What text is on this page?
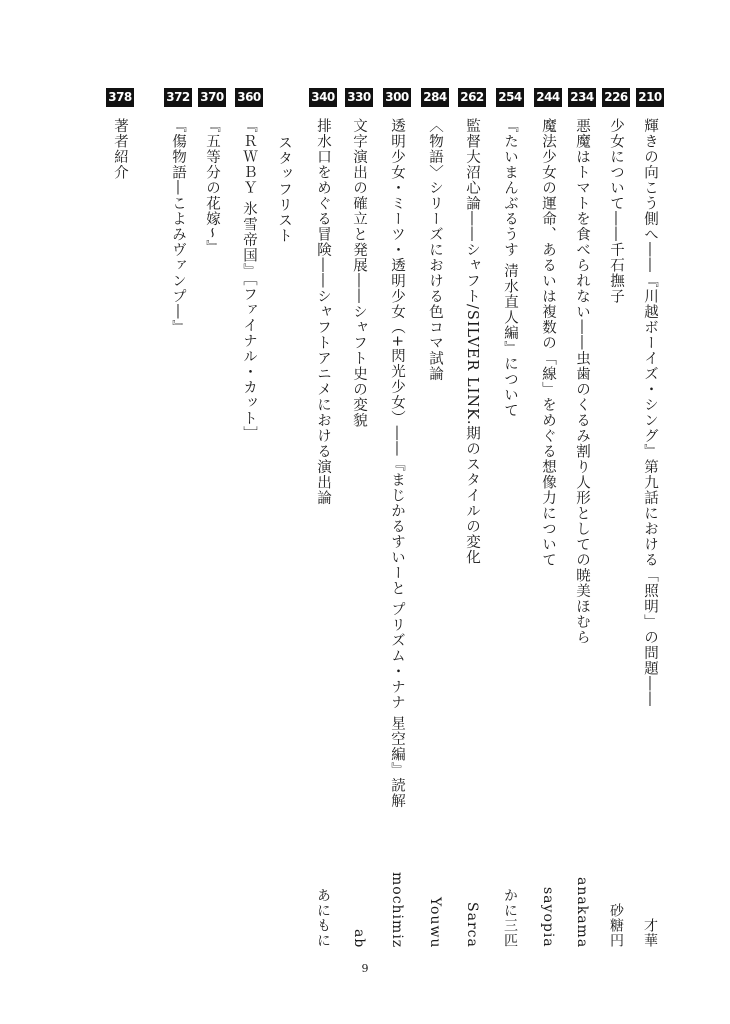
210
輝きの向こう側へ――『川越ボーイズ・シング』第九話における「照明」の問題――
才華
226
少女について――千石撫子
砂糖円
234
悪魔はトマトを食べられない――虫歯のくるみ割り人形としての暁美ほむら
anakama
244
魔法少女の運命、あるいは複数の「線」をめぐる想像力について
sayopia
254
『たいまんぶるうす 清水直人編』について
かに三匹
262
監督大沼心論――シャフト/SILVER LINK.期のスタイルの変化
Sarca
284
〈物語〉シリーズにおける色コマ試論
Youwu
300
透明少女・ミーツ・透明少女（+閃光少女）――『まじかるすいーと プリズム・ナナ 星空編』読解
mochimiz
330
文字演出の確立と発展――シャフト史の変貌
ab
340
排水口をめぐる冒険――シャフトアニメにおける演出論
あにもに
スタッフリスト
360
『ＲＷＢＹ 氷雪帝国』［ファイナル・カット］
370
『五等分の花嫁∽』
372
『傷物語―こよみヴァンプ―』
378
著者紹介
9
